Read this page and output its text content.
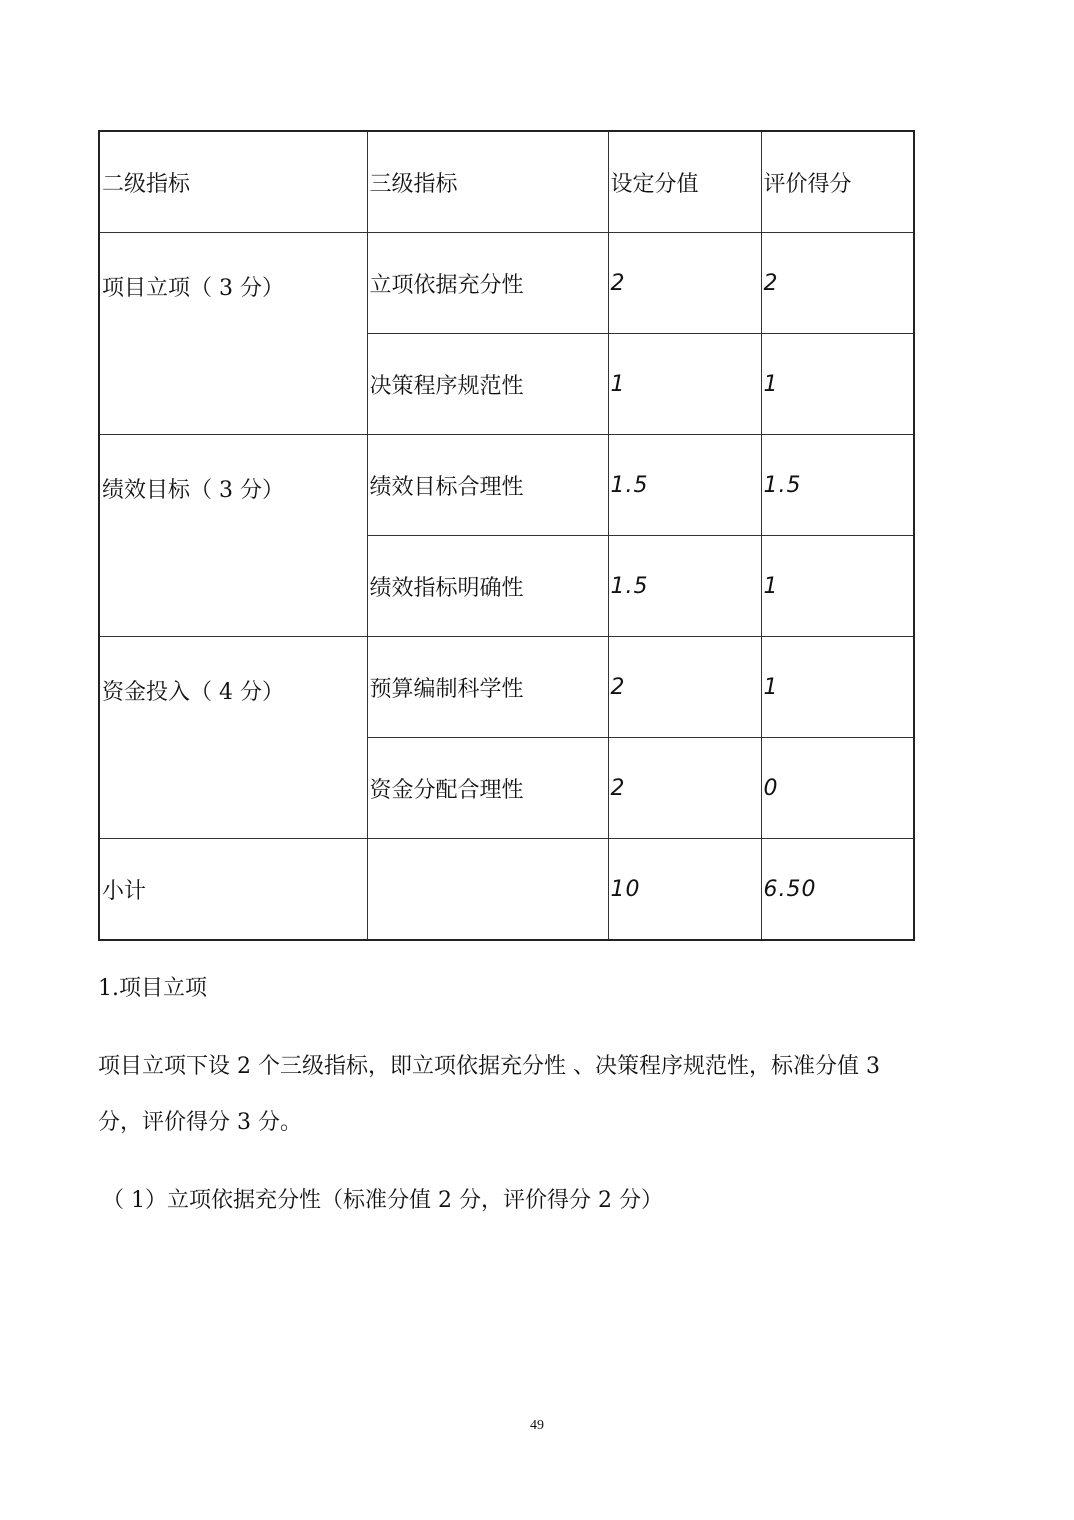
二级指标	三级指标	设定分值	评价得分
项目立项（ 3 分）	立项依据充分性	2	2
	决策程序规范性	1	1
绩效目标（ 3 分）	绩效目标合理性	1.5	1.5
	绩效指标明确性	1.5	1
资金投入（ 4 分）	预算编制科学性	2	1
	资金分配合理性	2	0
小计		10	6.50

1.项目立项

项目立项下设 2 个三级指标，即立项依据充分性 、决策程序规范性，标准分值 3

分，评价得分 3 分。

（ 1）立项依据充分性（标准分值 2 分，评价得分 2 分）

49
